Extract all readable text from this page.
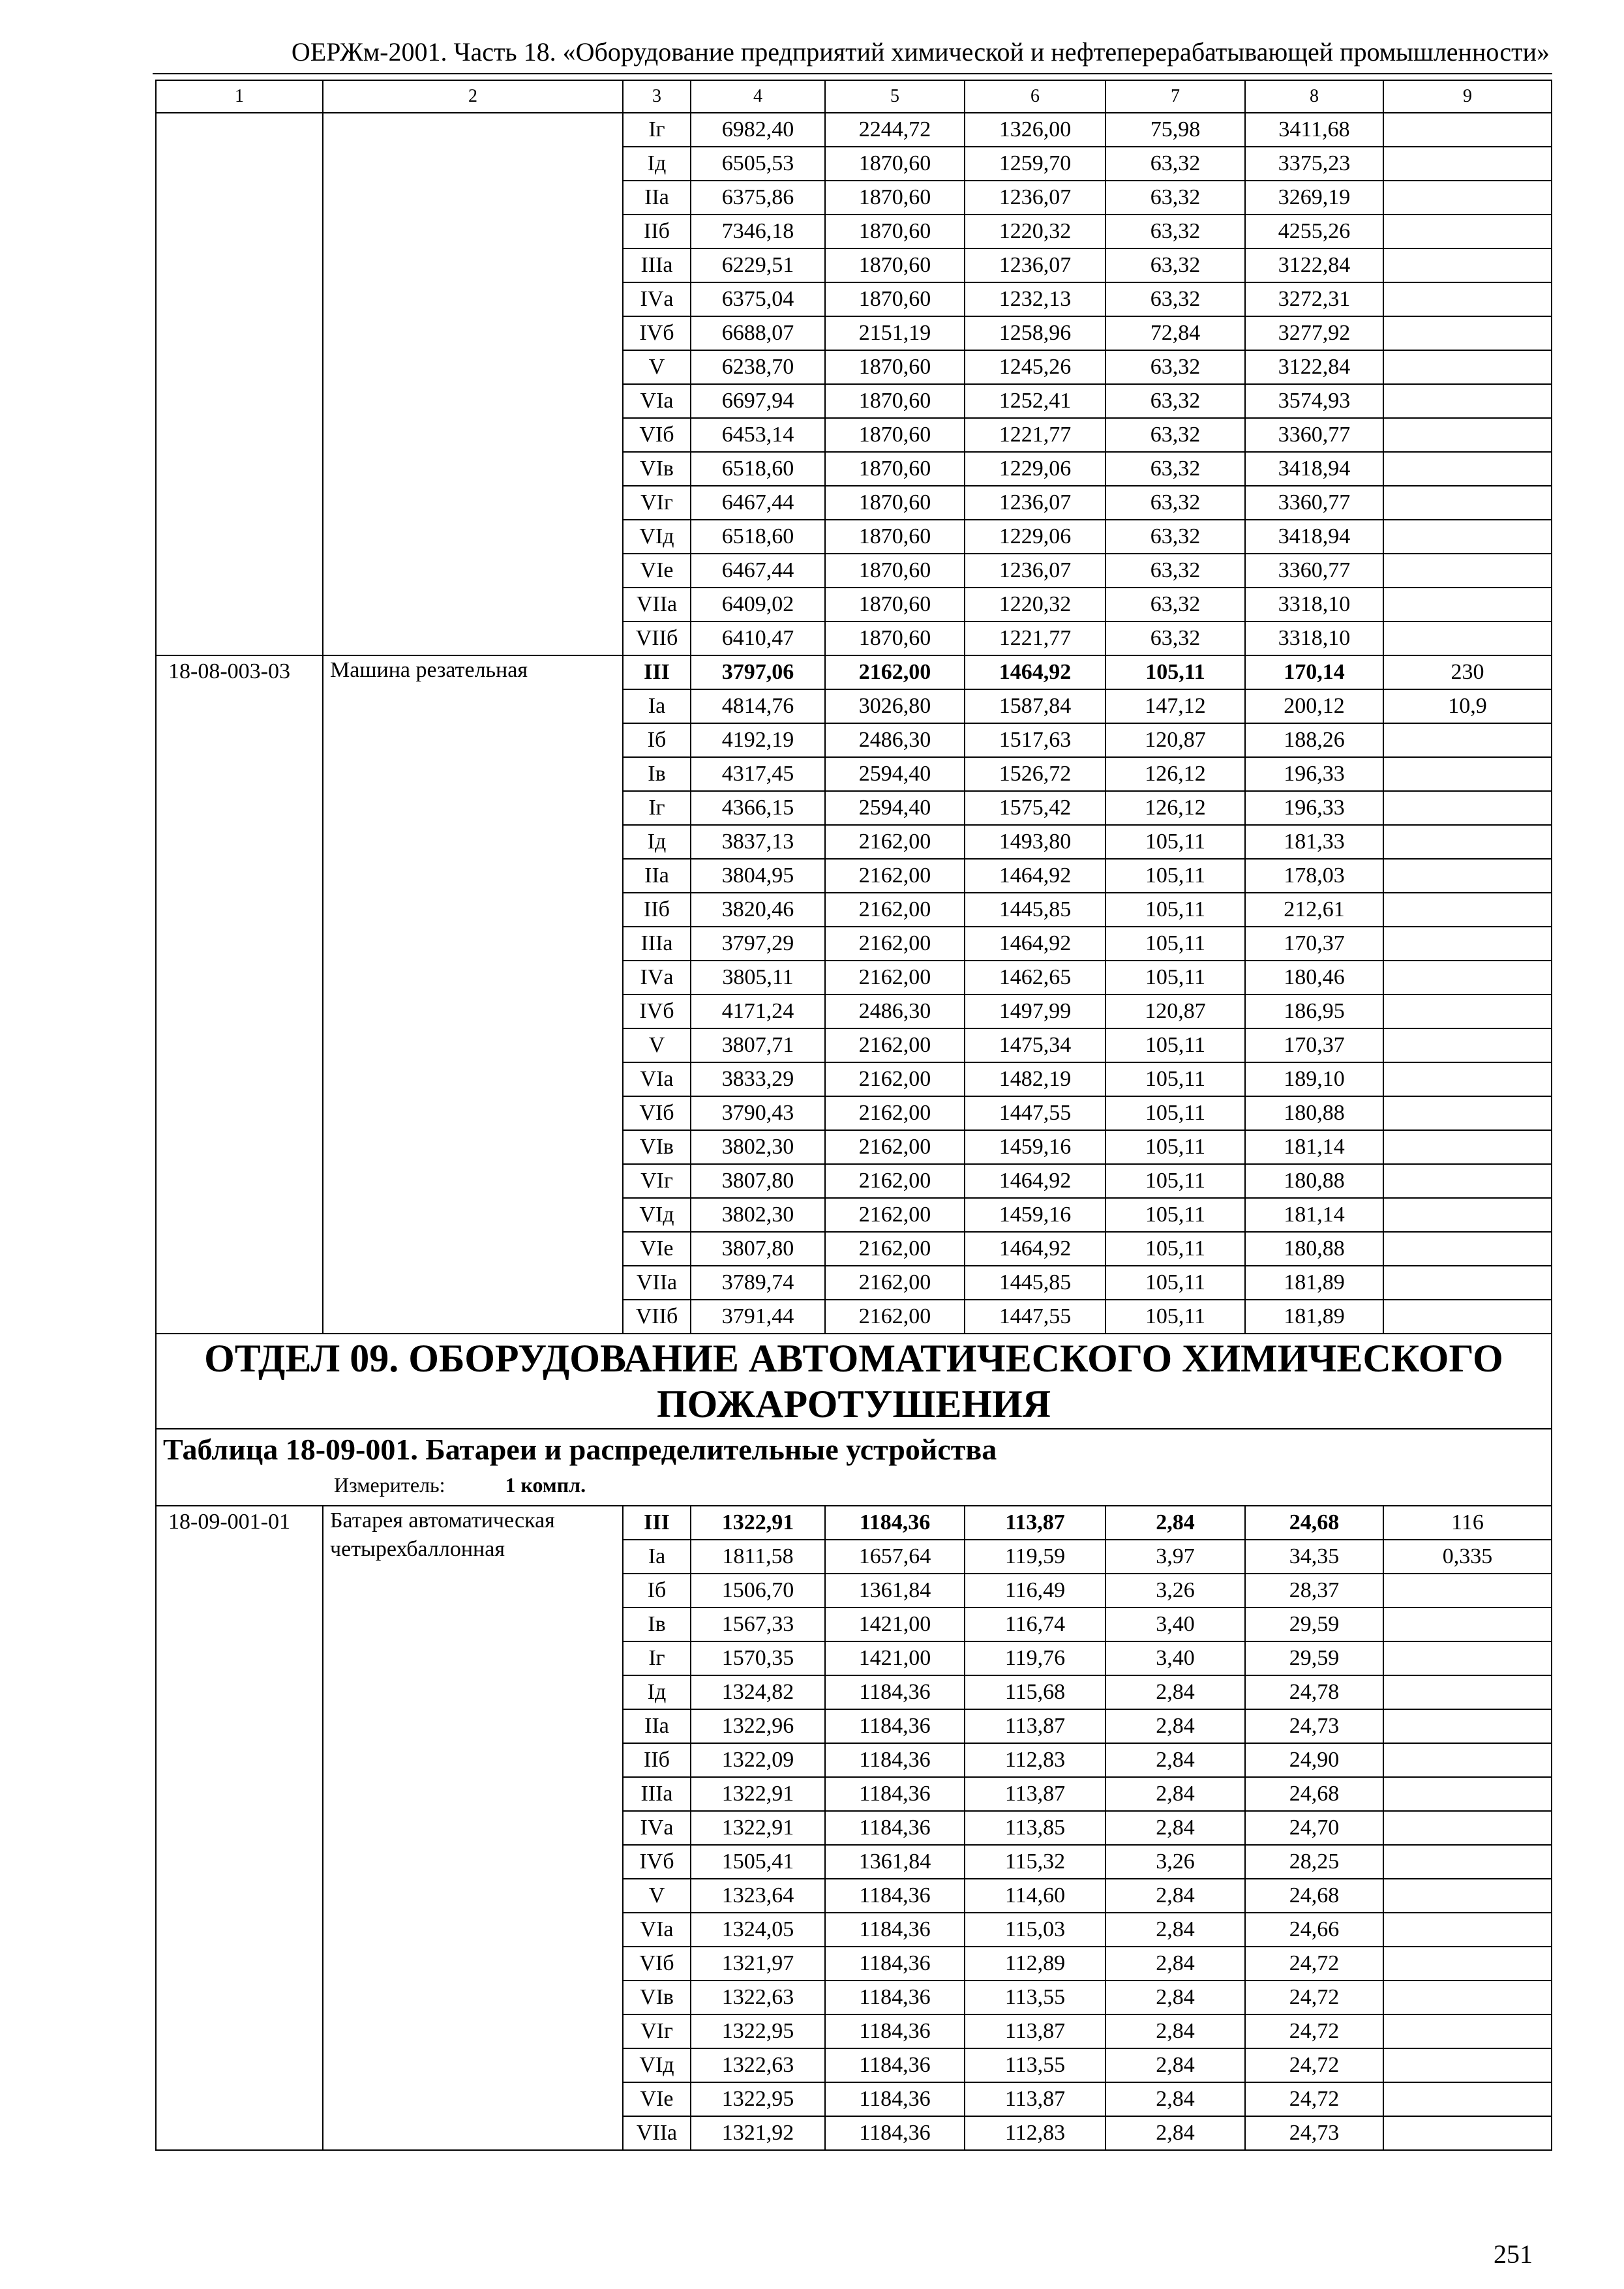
ОЕРЖм-2001. Часть 18. «Оборудование предприятий химической и нефтеперерабатывающей промышленности»
1	2	3	4	5	6	7	8	9
		Iг	6982,40	2244,72	1326,00	75,98	3411,68	
		Iд	6505,53	1870,60	1259,70	63,32	3375,23	
		IIа	6375,86	1870,60	1236,07	63,32	3269,19	
		IIб	7346,18	1870,60	1220,32	63,32	4255,26	
		IIIа	6229,51	1870,60	1236,07	63,32	3122,84	
		IVа	6375,04	1870,60	1232,13	63,32	3272,31	
		IVб	6688,07	2151,19	1258,96	72,84	3277,92	
		V	6238,70	1870,60	1245,26	63,32	3122,84	
		VIа	6697,94	1870,60	1252,41	63,32	3574,93	
		VIб	6453,14	1870,60	1221,77	63,32	3360,77	
		VIв	6518,60	1870,60	1229,06	63,32	3418,94	
		VIг	6467,44	1870,60	1236,07	63,32	3360,77	
		VIд	6518,60	1870,60	1229,06	63,32	3418,94	
		VIе	6467,44	1870,60	1236,07	63,32	3360,77	
		VIIа	6409,02	1870,60	1220,32	63,32	3318,10	
		VIIб	6410,47	1870,60	1221,77	63,32	3318,10	
18-08-003-03	Машина резательная	III	3797,06	2162,00	1464,92	105,11	170,14	230
		Iа	4814,76	3026,80	1587,84	147,12	200,12	10,9
		Iб	4192,19	2486,30	1517,63	120,87	188,26	
		Iв	4317,45	2594,40	1526,72	126,12	196,33	
		Iг	4366,15	2594,40	1575,42	126,12	196,33	
		Iд	3837,13	2162,00	1493,80	105,11	181,33	
		IIа	3804,95	2162,00	1464,92	105,11	178,03	
		IIб	3820,46	2162,00	1445,85	105,11	212,61	
		IIIа	3797,29	2162,00	1464,92	105,11	170,37	
		IVа	3805,11	2162,00	1462,65	105,11	180,46	
		IVб	4171,24	2486,30	1497,99	120,87	186,95	
		V	3807,71	2162,00	1475,34	105,11	170,37	
		VIа	3833,29	2162,00	1482,19	105,11	189,10	
		VIб	3790,43	2162,00	1447,55	105,11	180,88	
		VIв	3802,30	2162,00	1459,16	105,11	181,14	
		VIг	3807,80	2162,00	1464,92	105,11	180,88	
		VIд	3802,30	2162,00	1459,16	105,11	181,14	
		VIе	3807,80	2162,00	1464,92	105,11	180,88	
		VIIа	3789,74	2162,00	1445,85	105,11	181,89	
		VIIб	3791,44	2162,00	1447,55	105,11	181,89	
ОТДЕЛ 09. ОБОРУДОВАНИЕ АВТОМАТИЧЕСКОГО ХИМИЧЕСКОГО ПОЖАРОТУШЕНИЯ								

Таблица 18-09-001. Батареи и распределительные устройства
Измеритель: 1 компл.								

18-09-001-01	Батарея автоматическая четырехбаллонная	III	1322,91	1184,36	113,87	2,84	24,68	116
		Iа	1811,58	1657,64	119,59	3,97	34,35	0,335
		Iб	1506,70	1361,84	116,49	3,26	28,37	
		Iв	1567,33	1421,00	116,74	3,40	29,59	
		Iг	1570,35	1421,00	119,76	3,40	29,59	
		Iд	1324,82	1184,36	115,68	2,84	24,78	
		IIа	1322,96	1184,36	113,87	2,84	24,73	
		IIб	1322,09	1184,36	112,83	2,84	24,90	
		IIIа	1322,91	1184,36	113,87	2,84	24,68	
		IVа	1322,91	1184,36	113,85	2,84	24,70	
		IVб	1505,41	1361,84	115,32	3,26	28,25	
		V	1323,64	1184,36	114,60	2,84	24,68	
		VIа	1324,05	1184,36	115,03	2,84	24,66	
		VIб	1321,97	1184,36	112,89	2,84	24,72	
		VIв	1322,63	1184,36	113,55	2,84	24,72	
		VIг	1322,95	1184,36	113,87	2,84	24,72	
		VIд	1322,63	1184,36	113,55	2,84	24,72	
		VIе	1322,95	1184,36	113,87	2,84	24,72	
		VIIа	1321,92	1184,36	112,83	2,84	24,73	
251
